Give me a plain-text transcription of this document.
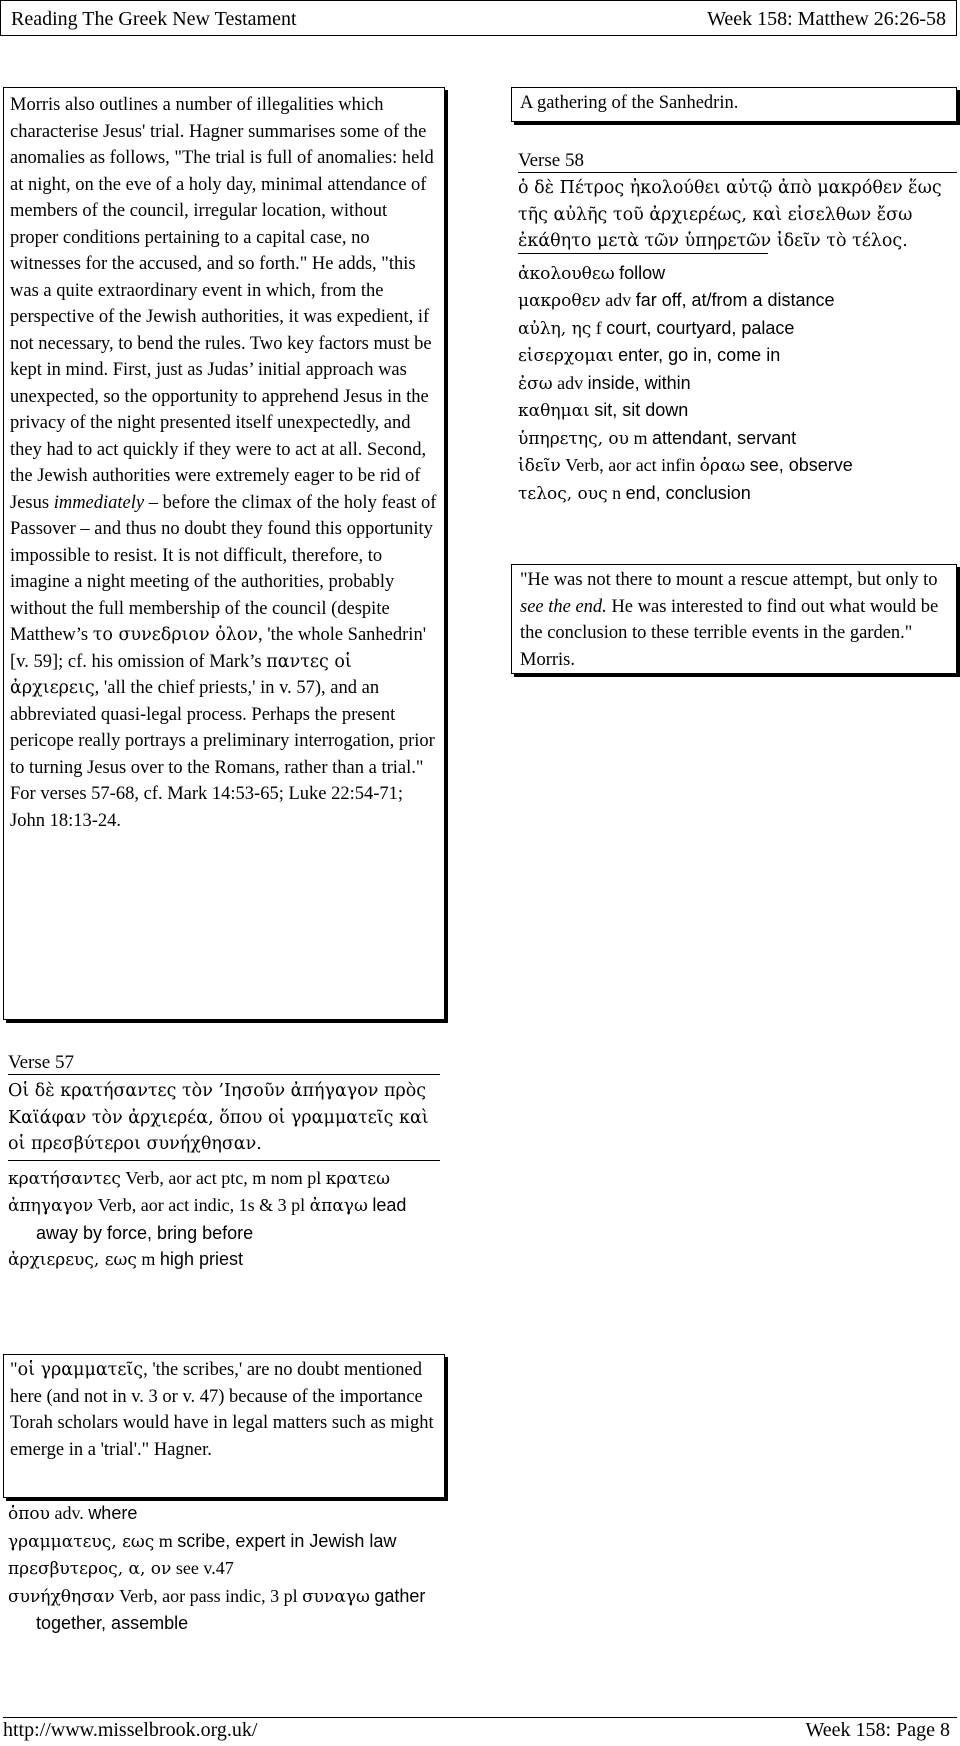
Reading The Greek New Testament	Week 158: Matthew 26:26-58
Morris also outlines a number of illegalities which characterise Jesus' trial. Hagner summarises some of the anomalies as follows, "The trial is full of anomalies: held at night, on the eve of a holy day, minimal attendance of members of the council, irregular location, without proper conditions pertaining to a capital case, no witnesses for the accused, and so forth." He adds, "this was a quite extraordinary event in which, from the perspective of the Jewish authorities, it was expedient, if not necessary, to bend the rules. Two key factors must be kept in mind. First, just as Judas’ initial approach was unexpected, so the opportunity to apprehend Jesus in the privacy of the night presented itself unexpectedly, and they had to act quickly if they were to act at all. Second, the Jewish authorities were extremely eager to be rid of Jesus immediately – before the climax of the holy feast of Passover – and thus no doubt they found this opportunity impossible to resist. It is not difficult, therefore, to imagine a night meeting of the authorities, probably without the full membership of the council (despite Matthew’s το συνεδριον ὁλον, 'the whole Sanhedrin' [v. 59]; cf. his omission of Mark’s παντες οἱ ἀρχιερεις, 'all the chief priests,' in v. 57), and an abbreviated quasi-legal process. Perhaps the present pericope really portrays a preliminary interrogation, prior to turning Jesus over to the Romans, rather than a trial."
For verses 57-68, cf. Mark 14:53-65; Luke 22:54-71; John 18:13-24.
A gathering of the Sanhedrin.
Verse 58
ὁ δὲ Πέτρος ἠκολούθει αὐτῷ ἀπὸ μακρόθεν ἕως τῆς αὐλῆς τοῦ ἀρχιερέως, καὶ εἰσελθων ἔσω ἐκάθητο μετὰ τῶν ὑπηρετῶν ἰδεῖν τὸ τέλος.
ἀκολουθεω follow
μακροθεν adv far off, at/from a distance
αὐλη, ης f court, courtyard, palace
εἰσερχομαι enter, go in, come in
ἐσω adv inside, within
καθημαι sit, sit down
ὑπηρετης, ου m attendant, servant
ἰδεῖν Verb, aor act infin ὁραω see, observe
τελος, ους n end, conclusion
"He was not there to mount a rescue attempt, but only to see the end. He was interested to find out what would be the conclusion to these terrible events in the garden." Morris.
Verse 57
Οἱ δὲ κρατήσαντες τὸν ’Ιησοῦν ἀπήγαγον πρὸς Καϊάφαν τὸν ἀρχιερέα, ὅπου οἱ γραμματεῖς καὶ οἱ πρεσβύτεροι συνήχθησαν.
κρατήσαντες Verb, aor act ptc, m nom pl κρατεω
ἀπηγαγον Verb, aor act indic, 1s & 3 pl ἀπαγω lead away by force, bring before
ἀρχιερευς, εως m high priest
"οἱ γραμματεῖς, 'the scribes,' are no doubt mentioned here (and not in v. 3 or v. 47) because of the importance Torah scholars would have in legal matters such as might emerge in a 'trial'." Hagner.
ὁπου adv. where
γραμματευς, εως m scribe, expert in Jewish law
πρεσβυτερος, α, ον see v.47
συνήχθησαν Verb, aor pass indic, 3 pl συναγω gather together, assemble
http://www.misselbrook.org.uk/	Week 158: Page 8
